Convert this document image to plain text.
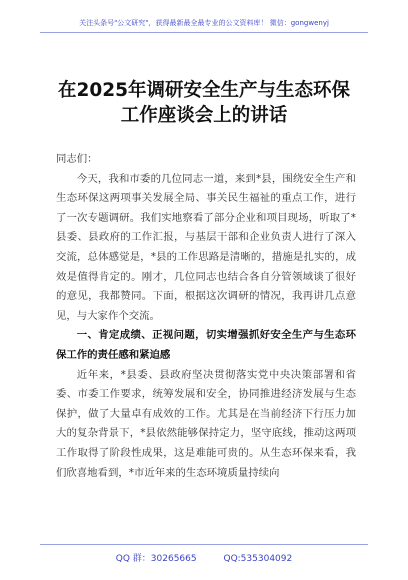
关注头条号"公文研究"，获得最新最全最专业的公文资料库！ 微信：gongwenyj
在2025年调研安全生产与生态环保工作座谈会上的讲话

同志们：

今天，我和市委的几位同志一道，来到*县，围绕安全生产和生态环保这两项事关发展全局、事关民生福祉的重点工作，进行了一次专题调研。我们实地察看了部分企业和项目现场，听取了*县委、县政府的工作汇报，与基层干部和企业负责人进行了深入交流，总体感觉是，*县的工作思路是清晰的，措施是扎实的，成效是值得肯定的。刚才，几位同志也结合各自分管领域谈了很好的意见，我都赞同。下面，根据这次调研的情况，我再讲几点意见，与大家作个交流。

一、肯定成绩、正视问题，切实增强抓好安全生产与生态环保工作的责任感和紧迫感

近年来，*县委、县政府坚决贯彻落实党中央决策部署和省委、市委工作要求，统筹发展和安全，协同推进经济发展与生态保护，做了大量卓有成效的工作。尤其是在当前经济下行压力加大的复杂背景下，*县依然能够保持定力，坚守底线，推动这两项工作取得了阶段性成果，这是难能可贵的。从生态环保来看，我们欣喜地看到，*市近年来的生态环境质量持续向

QQ 群：30265665	QQ:535304092
